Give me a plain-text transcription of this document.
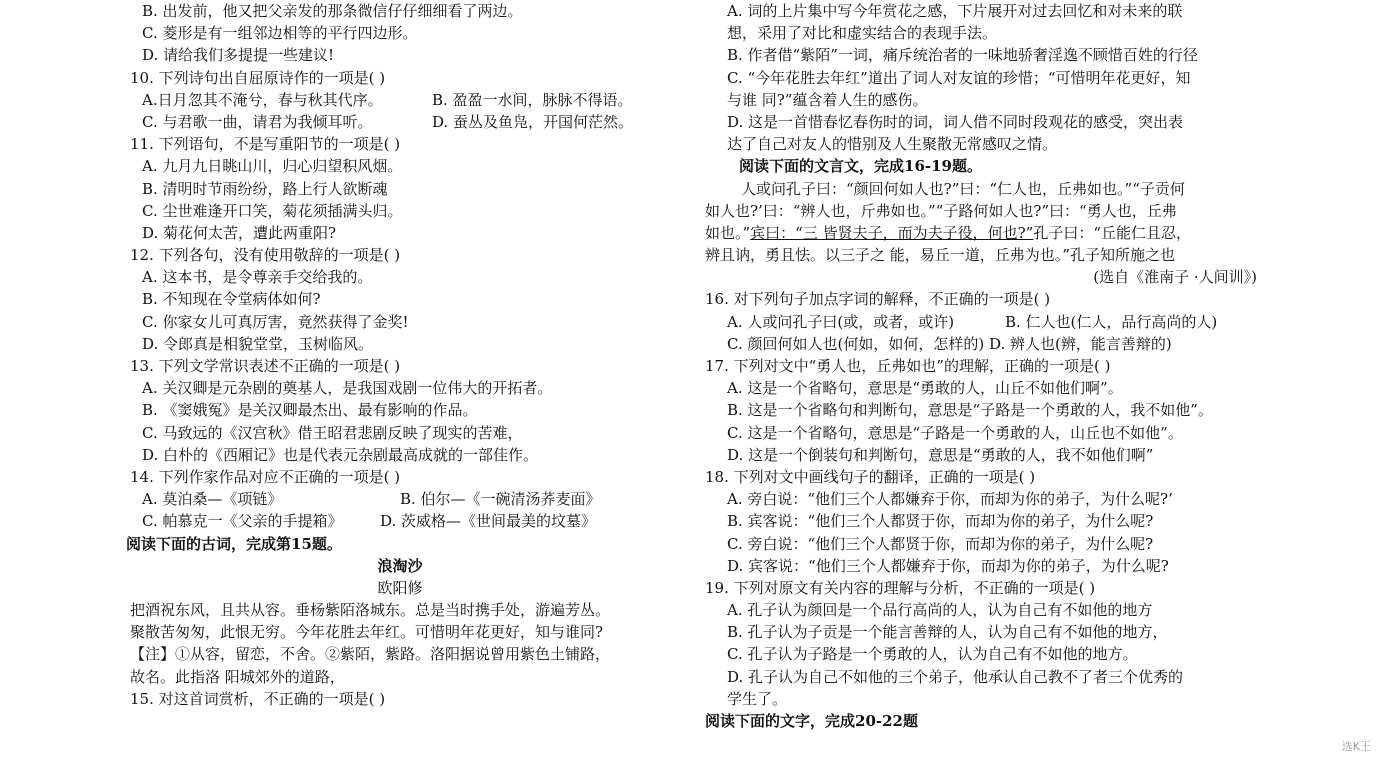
B. 出发前，他又把父亲发的那条微信仔仔细细看了两边。
C. 菱形是有一组邻边相等的平行四边形。
D. 请给我们多提提一些建议!
10. 下列诗句出自屈原诗作的一项是( )
A.日月忽其不淹兮，春与秋其代序。	B. 盈盈一水间，脉脉不得语。
C. 与君歌一曲，请君为我倾耳听。	D. 蚕丛及鱼凫，开国何茫然。
11. 下列语句，不是写重阳节的一项是( )
A. 九月九日眺山川，归心归望积风烟。
B. 清明时节雨纷纷，路上行人欲断魂
C. 尘世难逢开口笑，菊花须插满头归。
D. 菊花何太苦，遭此两重阳?
12. 下列各句，没有使用敬辞的一项是( )
A. 这本书，是令尊亲手交给我的。
B. 不知现在令堂病体如何?
C. 你家女儿可真厉害，竟然获得了金奖!
D. 令郎真是相貌堂堂，玉树临风。
13. 下列文学常识表述不正确的一项是( )
A. 关汉卿是元杂剧的奠基人，是我国戏剧一位伟大的开拓者。
B. 《窦娥冤》是关汉卿最杰出、最有影响的作品。
C. 马致远的《汉宫秋》借王昭君悲剧反映了现实的苦难，
D. 白朴的《西厢记》也是代表元杂剧最高成就的一部佳作。
14. 下列作家作品对应不正确的一项是( )
A. 莫泊桑—《项链》	B. 伯尔—《一碗清汤荞麦面》
C. 帕慕克一《父亲的手提箱》	D. 茨威格—《世间最美的坟墓》
阅读下面的古词，完成第15题。
浪淘沙
欧阳修
把酒祝东风，且共从容。垂杨紫陌洛城东。总是当时携手处，游遍芳丛。
聚散苦匆匆，此恨无穷。今年花胜去年红。可惜明年花更好，知与谁同?
【注】①从容，留恋，不舍。②紫陌，紫路。洛阳据说曾用紫色土铺路，
故名。此指洛 阳城郊外的道路，
15. 对这首词赏析，不正确的一项是( )
A. 词的上片集中写今年赏花之感，下片展开对过去回忆和对未来的联
想，采用了对比和虚实结合的表现手法。
B. 作者借“紫陌”一词，痛斥统治者的一味地骄奢淫逸不顾惜百姓的行径
C. “今年花胜去年红”道出了词人对友谊的珍惜；“可惜明年花更好，知
与谁 同?”蕴含着人生的感伤。
D. 这是一首惜春忆春伤时的词，词人借不同时段观花的感受，突出表
达了自己对友人的惜别及人生聚散无常感叹之情。
阅读下面的文言文，完成16-19题。
人或问孔子曰：“颜回何如人也?”曰：“仁人也，丘弗如也。”“子贡何
如人也?’曰：“辨人也，斤弗如也。”“子路何如人也?”曰：“勇人也，丘弗
如也。”宾曰：“三 皆贤夫子，而为夫子役，何也?”孔子曰：“丘能仁且忍，
辨且讷，勇且怯。以三子之 能，易丘一道，丘弗为也。”孔子知所施之也
(选自《淮南子 ·人间训》)
16. 对下列句子加点字词的解释，不正确的一项是( )
A. 人或问孔子曰(或，或者，或许)	B. 仁人也(仁人，品行高尚的人)
C. 颜回何如人也(何如，如何，怎样的) D. 辨人也(辨，能言善辩的)
17. 下列对文中“勇人也，丘弗如也”的理解，正确的一项是( )
A. 这是一个省略句，意思是“勇敢的人，山丘不如他们啊”。
B. 这是一个省略句和判断句，意思是“子路是一个勇敢的人，我不如他”。
C. 这是一个省略句，意思是“子路是一个勇敢的人，山丘也不如他”。
D. 这是一个倒装句和判断句，意思是“勇敢的人，我不如他们啊”
18. 下列对文中画线句子的翻译，正确的一项是( )
A. 旁白说：“他们三个人都嫌弃于你，而却为你的弟子，为什么呢?’
B. 宾客说：“他们三个人都贤于你，而却为你的弟子，为什么呢?
C. 旁白说：“他们三个人都贤于你，而却为你的弟子，为什么呢?
D. 宾客说：“他们三个人都嫌弃于你，而却为你的弟子，为什么呢?
19. 下列对原文有关内容的理解与分析，不正确的一项是( )
A. 孔子认为颜回是一个品行高尚的人，认为自己有不如他的地方
B. 孔子认为子贡是一个能言善辩的人，认为自己有不如他的地方，
C. 孔子认为子路是一个勇敢的人，认为自己有不如他的地方。
D. 孔子认为自己不如他的三个弟子，他承认自己教不了者三个优秀的
学生了。
阅读下面的文字，完成20-22题
选K王
